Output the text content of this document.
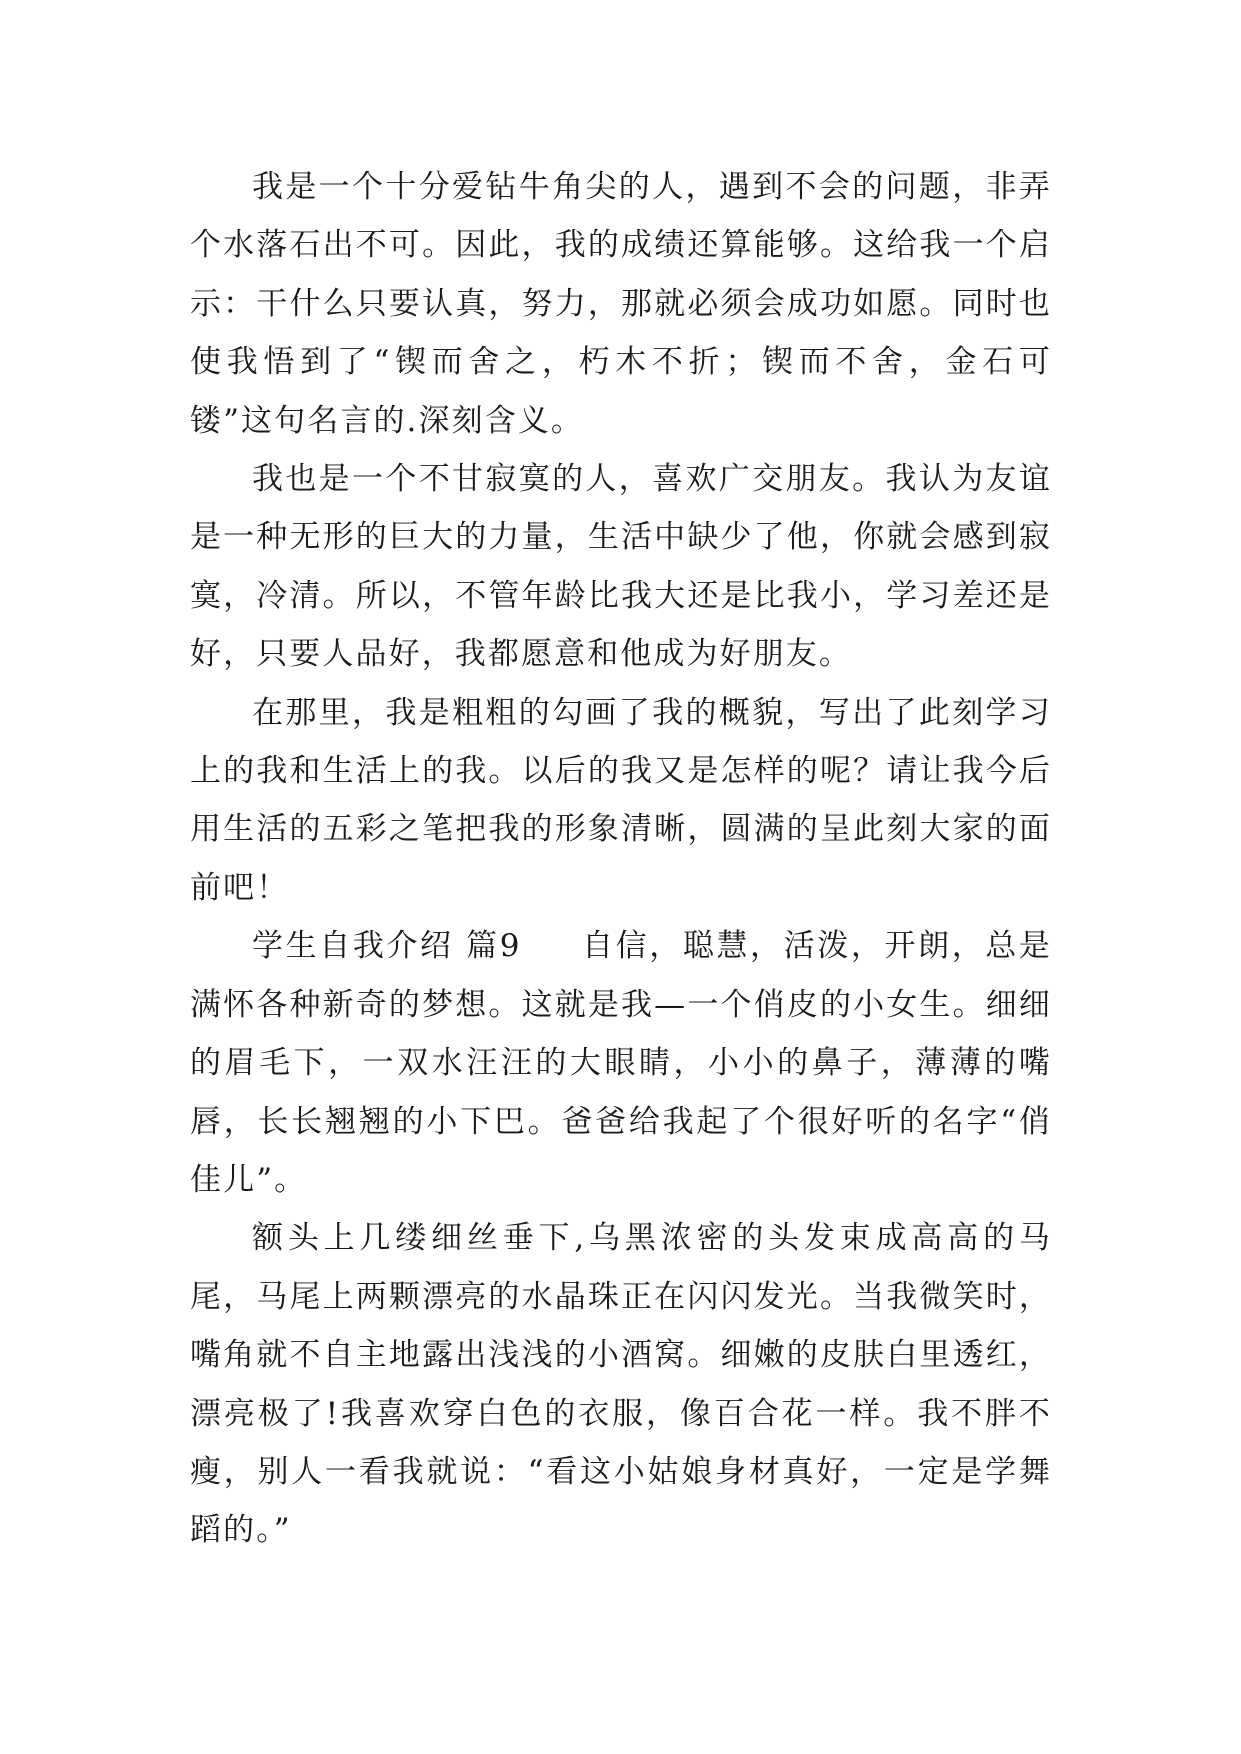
我是一个十分爱钻牛角尖的人，遇到不会的问题，非弄个水落石出不可。因此，我的成绩还算能够。这给我一个启示：干什么只要认真，努力，那就必须会成功如愿。同时也使我悟到了“锲而舍之，朽木不折；锲而不舍，金石可镂”这句名言的.深刻含义。

我也是一个不甘寂寞的人，喜欢广交朋友。我认为友谊是一种无形的巨大的力量，生活中缺少了他，你就会感到寂寞，冷清。所以，不管年龄比我大还是比我小，学习差还是好，只要人品好，我都愿意和他成为好朋友。

在那里，我是粗粗的勾画了我的概貌，写出了此刻学习上的我和生活上的我。以后的我又是怎样的呢？请让我今后用生活的五彩之笔把我的形象清晰，圆满的呈此刻大家的面前吧！

学生自我介绍 篇9 自信，聪慧，活泼，开朗，总是满怀各种新奇的梦想。这就是我—一个俏皮的小女生。细细的眉毛下，一双水汪汪的大眼睛，小小的鼻子，薄薄的嘴唇，长长翘翘的小下巴。爸爸给我起了个很好听的名字“俏佳儿”。

额头上几缕细丝垂下,乌黑浓密的头发束成高高的马尾，马尾上两颗漂亮的水晶珠正在闪闪发光。当我微笑时，嘴角就不自主地露出浅浅的小酒窝。细嫩的皮肤白里透红，漂亮极了!我喜欢穿白色的衣服，像百合花一样。我不胖不瘦，别人一看我就说：“看这小姑娘身材真好，一定是学舞蹈的。”
